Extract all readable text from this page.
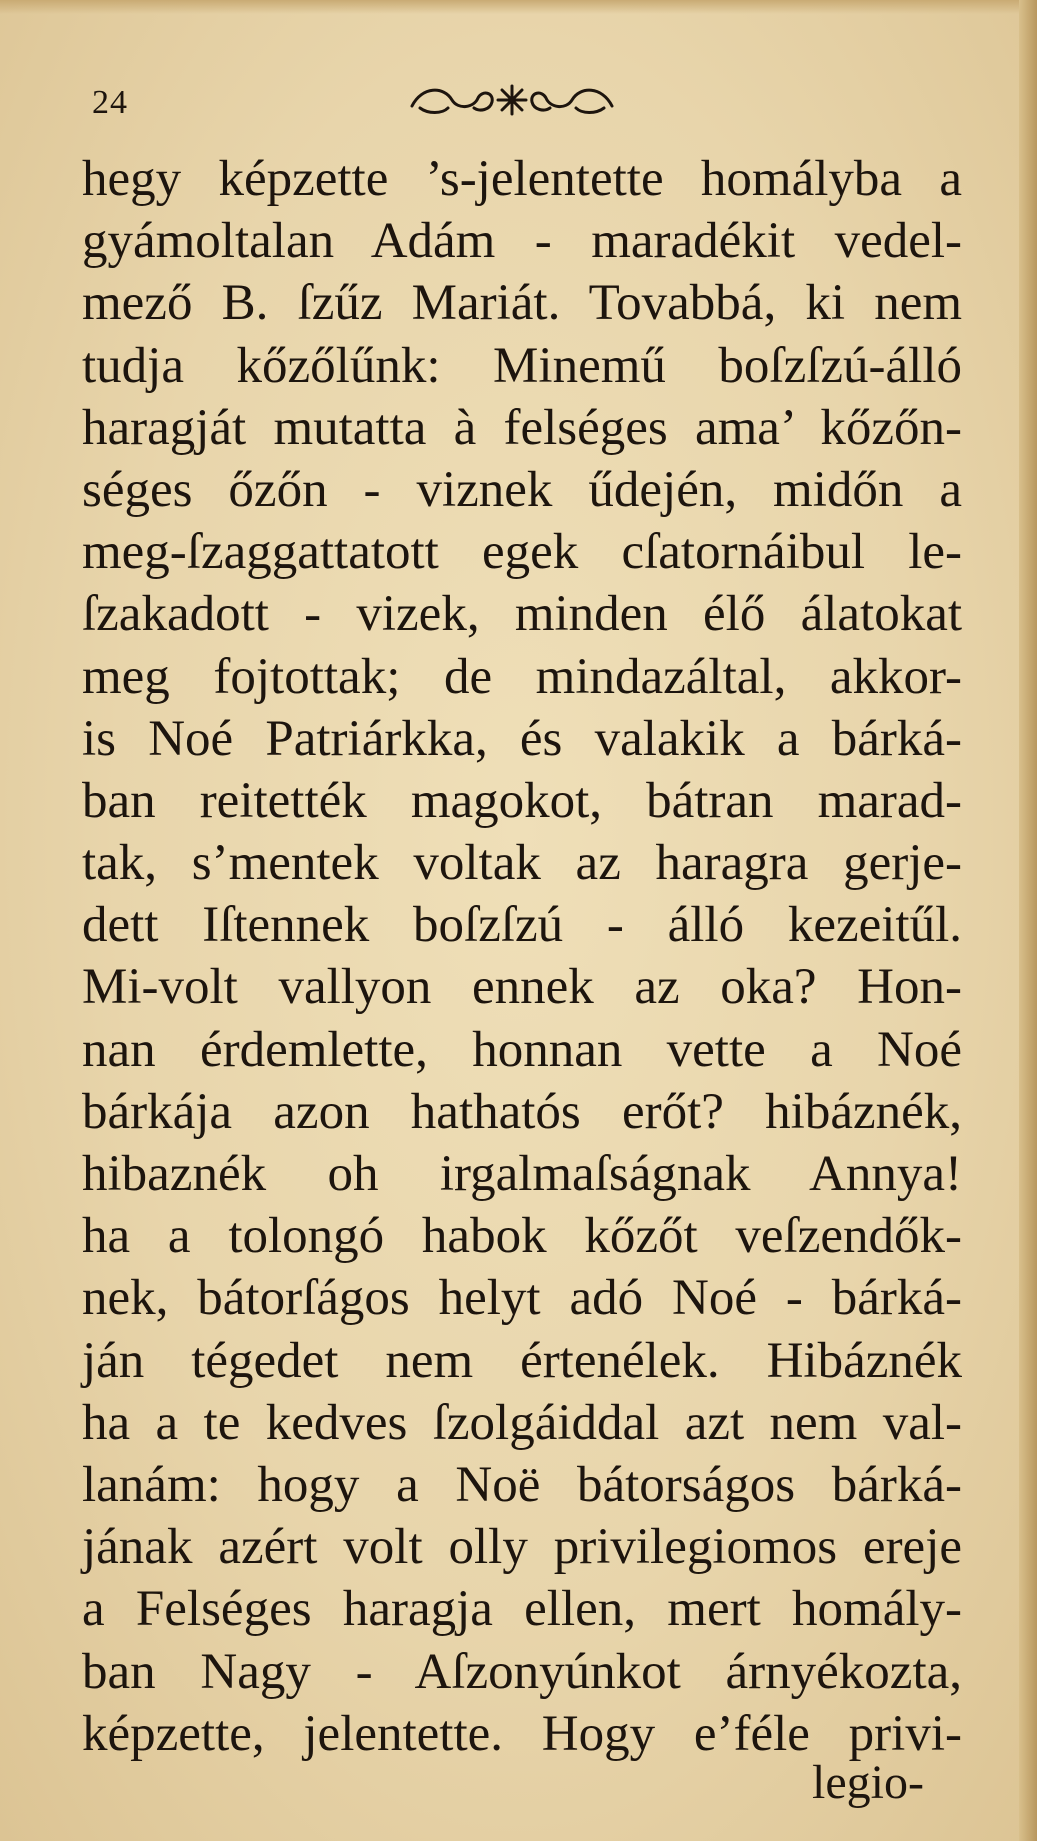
24
hegy képzette ’s-jelentette homályba a
gyámoltalan Adám - maradékit vedel-
mező B. ſzűz Mariát. Tovabbá, ki nem
tudja kőzőlűnk: Minemű boſzſzú-álló
haragját mutatta à felséges ama’ kőzőn-
séges őzőn - viznek űdején, midőn a
meg-ſzaggattatott egek cſatornáibul le-
ſzakadott - vizek, minden élő álatokat
meg fojtottak; de mindazáltal, akkor-
is Noé Patriárkka, és valakik a bárká-
ban reitették magokot, bátran marad-
tak, s’mentek voltak az haragra gerje-
dett Iſtennek boſzſzú - álló kezeitűl.
Mi-volt vallyon ennek az oka? Hon-
nan érdemlette, honnan vette a Noé
bárkája azon hathatós erőt? hibáznék,
hibaznék oh irgalmaſságnak Annya!
ha a tolongó habok kőzőt veſzendők-
nek, bátorſágos helyt adó Noé - bárká-
ján tégedet nem értenélek. Hibáznék
ha a te kedves ſzolgáiddal azt nem val-
lanám: hogy a Noë bátorságos bárká-
jának azért volt olly privilegiomos ereje
a Felséges haragja ellen, mert homály-
ban Nagy - Aſzonyúnkot árnyékozta,
képzette, jelentette. Hogy e’féle privi-
legio-
